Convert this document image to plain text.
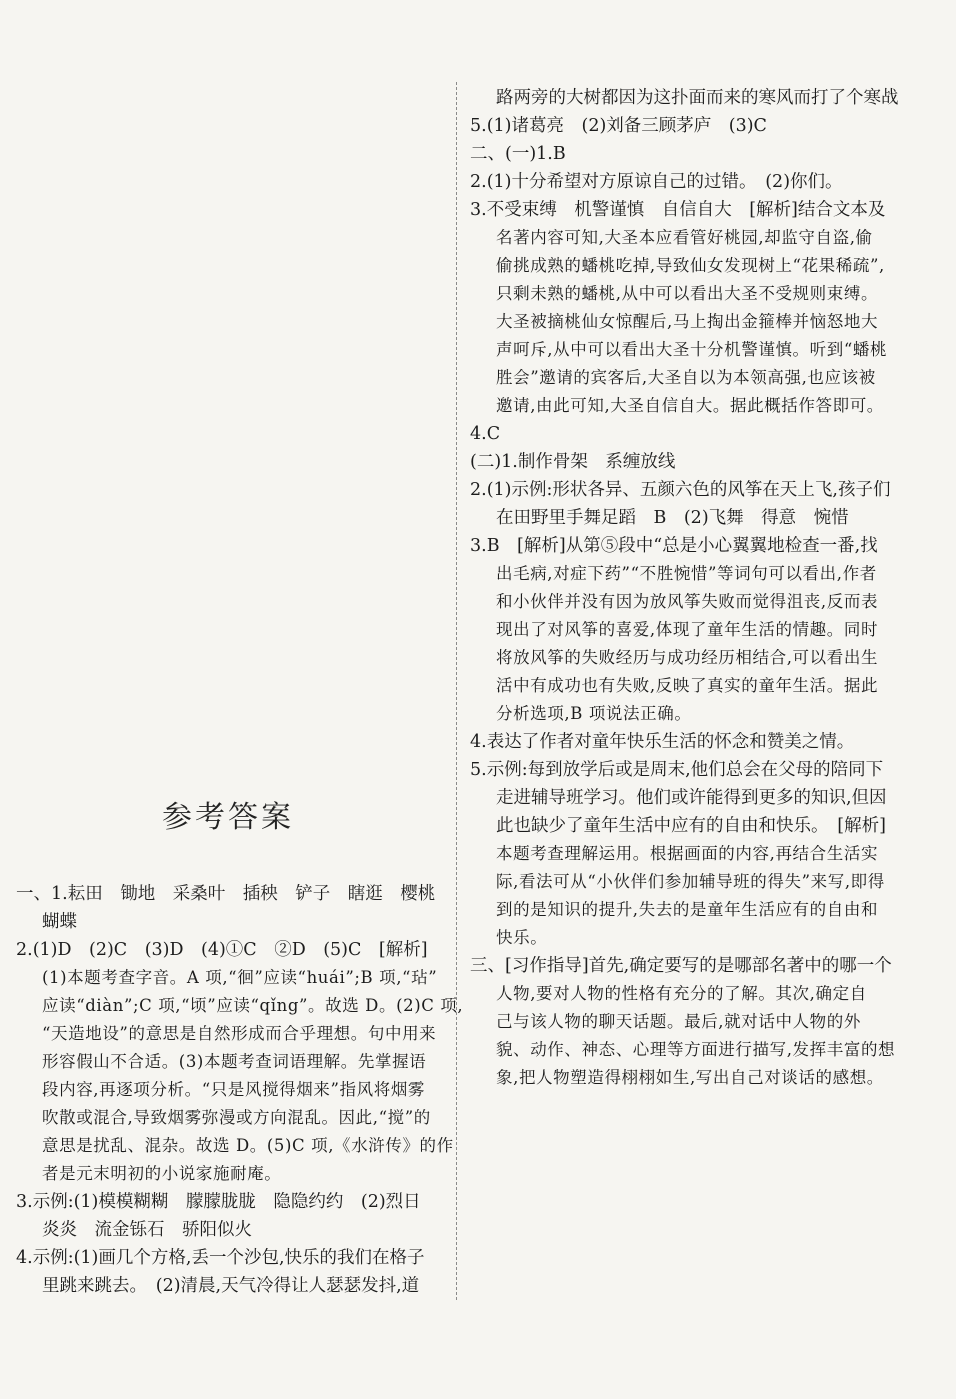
参考答案
一、1.耘田　锄地　采桑叶　插秧　铲子　瞎逛　樱桃
蝴蝶
2.(1)D　(2)C　(3)D　(4)①C　②D　(5)C　[解析]
(1)本题考查字音。A 项,“徊”应读“huái”;B 项,“玷”
应读“diàn”;C 项,“顷”应读“qǐng”。故选 D。(2)C 项,
“天造地设”的意思是自然形成而合乎理想。句中用来
形容假山不合适。(3)本题考查词语理解。先掌握语
段内容,再逐项分析。“只是风搅得烟来”指风将烟雾
吹散或混合,导致烟雾弥漫或方向混乱。因此,“搅”的
意思是扰乱、混杂。故选 D。(5)C 项,《水浒传》的作
者是元末明初的小说家施耐庵。
3.示例:(1)模模糊糊　朦朦胧胧　隐隐约约　(2)烈日
炎炎　流金铄石　骄阳似火
4.示例:(1)画几个方格,丢一个沙包,快乐的我们在格子
里跳来跳去。　(2)清晨,天气冷得让人瑟瑟发抖,道
路两旁的大树都因为这扑面而来的寒风而打了个寒战
5.(1)诸葛亮　(2)刘备三顾茅庐　(3)C
二、(一)1.B
2.(1)十分希望对方原谅自己的过错。　(2)你们。
3.不受束缚　机警谨慎　自信自大　[解析]结合文本及
名著内容可知,大圣本应看管好桃园,却监守自盗,偷
偷挑成熟的蟠桃吃掉,导致仙女发现树上“花果稀疏”,
只剩未熟的蟠桃,从中可以看出大圣不受规则束缚。
大圣被摘桃仙女惊醒后,马上掏出金箍棒并恼怒地大
声呵斥,从中可以看出大圣十分机警谨慎。听到“蟠桃
胜会”邀请的宾客后,大圣自以为本领高强,也应该被
邀请,由此可知,大圣自信自大。据此概括作答即可。
4.C
(二)1.制作骨架　系缠放线
2.(1)示例:形状各异、五颜六色的风筝在天上飞,孩子们
在田野里手舞足蹈　B　(2)飞舞　得意　惋惜
3.B　[解析]从第⑤段中“总是小心翼翼地检查一番,找
出毛病,对症下药”“不胜惋惜”等词句可以看出,作者
和小伙伴并没有因为放风筝失败而觉得沮丧,反而表
现出了对风筝的喜爱,体现了童年生活的情趣。同时
将放风筝的失败经历与成功经历相结合,可以看出生
活中有成功也有失败,反映了真实的童年生活。据此
分析选项,B 项说法正确。
4.表达了作者对童年快乐生活的怀念和赞美之情。
5.示例:每到放学后或是周末,他们总会在父母的陪同下
走进辅导班学习。他们或许能得到更多的知识,但因
此也缺少了童年生活中应有的自由和快乐。　[解析]
本题考查理解运用。根据画面的内容,再结合生活实
际,看法可从“小伙伴们参加辅导班的得失”来写,即得
到的是知识的提升,失去的是童年生活应有的自由和
快乐。
三、[习作指导]首先,确定要写的是哪部名著中的哪一个
人物,要对人物的性格有充分的了解。其次,确定自
己与该人物的聊天话题。最后,就对话中人物的外
貌、动作、神态、心理等方面进行描写,发挥丰富的想
象,把人物塑造得栩栩如生,写出自己对谈话的感想。
